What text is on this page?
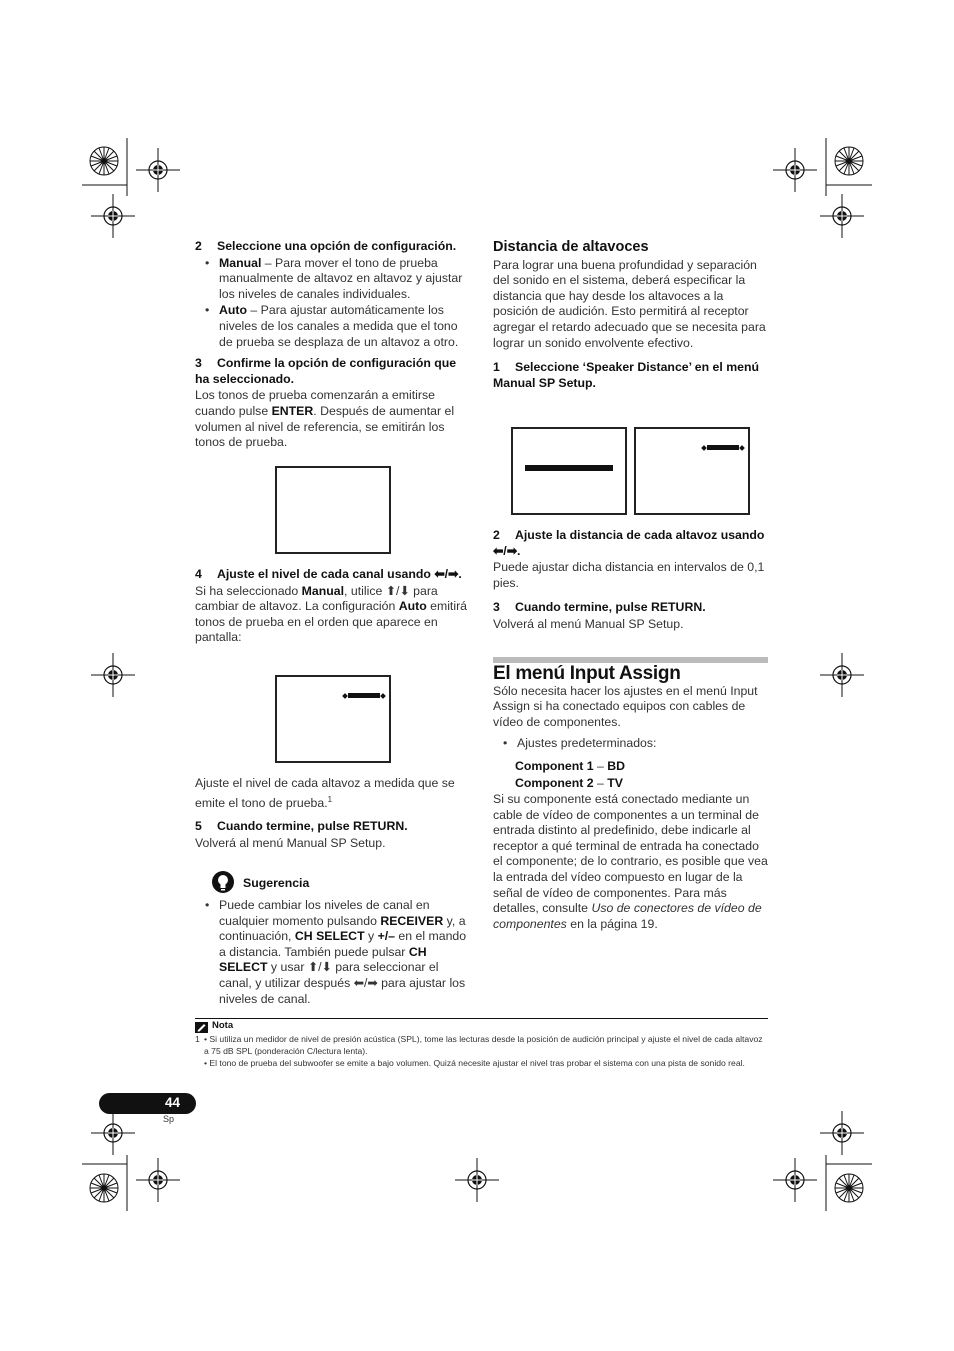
2 Seleccione una opción de configuración.

• Manual – Para mover el tono de prueba manualmente de altavoz en altavoz y ajustar los niveles de canales individuales.

• Auto – Para ajustar automáticamente los niveles de los canales a medida que el tono de prueba se desplaza de un altavoz a otro.

3 Confirme la opción de configuración que ha seleccionado.

Los tonos de prueba comenzarán a emitirse cuando pulse ENTER. Después de aumentar el volumen al nivel de referencia, se emitirán los tonos de prueba.

4 Ajuste el nivel de cada canal usando ⬅/➡.

Si ha seleccionado Manual, utilice ⬆/⬇ para cambiar de altavoz. La configuración Auto emitirá tonos de prueba en el orden que aparece en pantalla:

Ajuste el nivel de cada altavoz a medida que se emite el tono de prueba.$^1$

5 Cuando termine, pulse RETURN.

Volverá al menú Manual SP Setup.

Sugerencia

• Puede cambiar los niveles de canal en cualquier momento pulsando RECEIVER y, a continuación, CH SELECT y +/– en el mando a distancia. También puede pulsar CH SELECT y usar ⬆/⬇ para seleccionar el canal, y utilizar después ⬅/➡ para ajustar los niveles de canal.

Distancia de altavoces

Para lograr una buena profundidad y separación del sonido en el sistema, deberá especificar la distancia que hay desde los altavoces a la posición de audición. Esto permitirá al receptor agregar el retardo adecuado que se necesita para lograr un sonido envolvente efectivo.

1 Seleccione ‘Speaker Distance’ en el menú Manual SP Setup.

2 Ajuste la distancia de cada altavoz usando ⬅/➡.

Puede ajustar dicha distancia en intervalos de 0,1 pies.

3 Cuando termine, pulse RETURN.

Volverá al menú Manual SP Setup.

El menú Input Assign

Sólo necesita hacer los ajustes en el menú Input Assign si ha conectado equipos con cables de vídeo de componentes.

• Ajustes predeterminados:

Component 1 – BD

Component 2 – TV

Si su componente está conectado mediante un cable de vídeo de componentes a un terminal de entrada distinto al predefinido, debe indicarle al receptor a qué terminal de entrada ha conectado el componente; de lo contrario, es posible que vea la entrada del vídeo compuesto en lugar de la señal de vídeo de componentes. Para más detalles, consulte Uso de conectores de vídeo de componentes en la página 19.

Nota
1 • Si utiliza un medidor de nivel de presión acústica (SPL), tome las lecturas desde la posición de audición principal y ajuste el nivel de cada altavoz a 75 dB SPL (ponderación C/lectura lenta).
• El tono de prueba del subwoofer se emite a bajo volumen. Quizá necesite ajustar el nivel tras probar el sistema con una pista de sonido real.
44
Sp
